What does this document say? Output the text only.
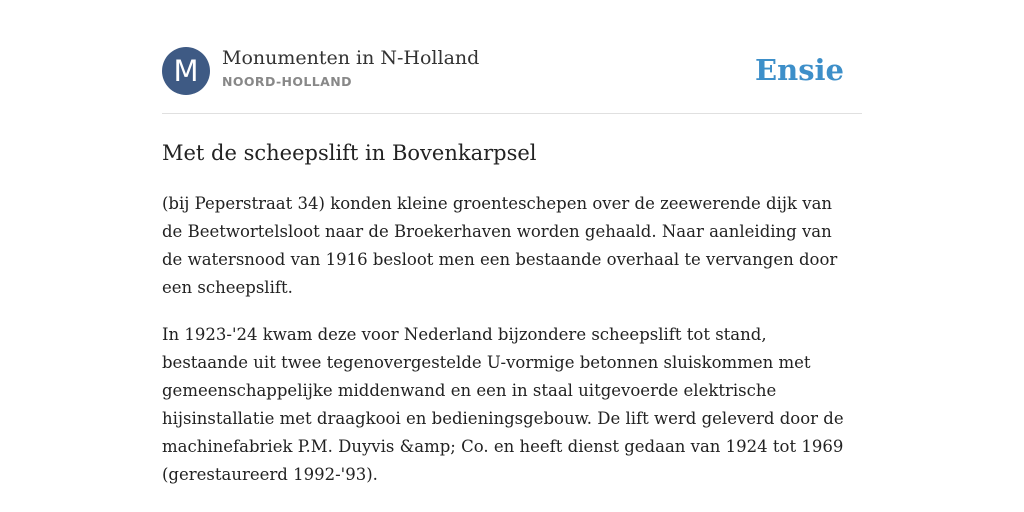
M	Monumenten in N-Holland
NOORD-HOLLAND	Ensie
Met de scheepslift in Bovenkarpsel

(bij Peperstraat 34) konden kleine groenteschepen over de zeewerende dijk van
de Beetwortelsloot naar de Broekerhaven worden gehaald. Naar aanleiding van
de watersnood van 1916 besloot men een bestaande overhaal te vervangen door
een scheepslift.

In 1923-'24 kwam deze voor Nederland bijzondere scheepslift tot stand,
bestaande uit twee tegenovergestelde U-vormige betonnen sluiskommen met
gemeenschappelijke middenwand en een in staal uitgevoerde elektrische
hijsinstallatie met draagkooi en bedieningsgebouw. De lift werd geleverd door de
machinefabriek P.M. Duyvis &amp; Co. en heeft dienst gedaan van 1924 tot 1969
(gerestaureerd 1992-'93).
